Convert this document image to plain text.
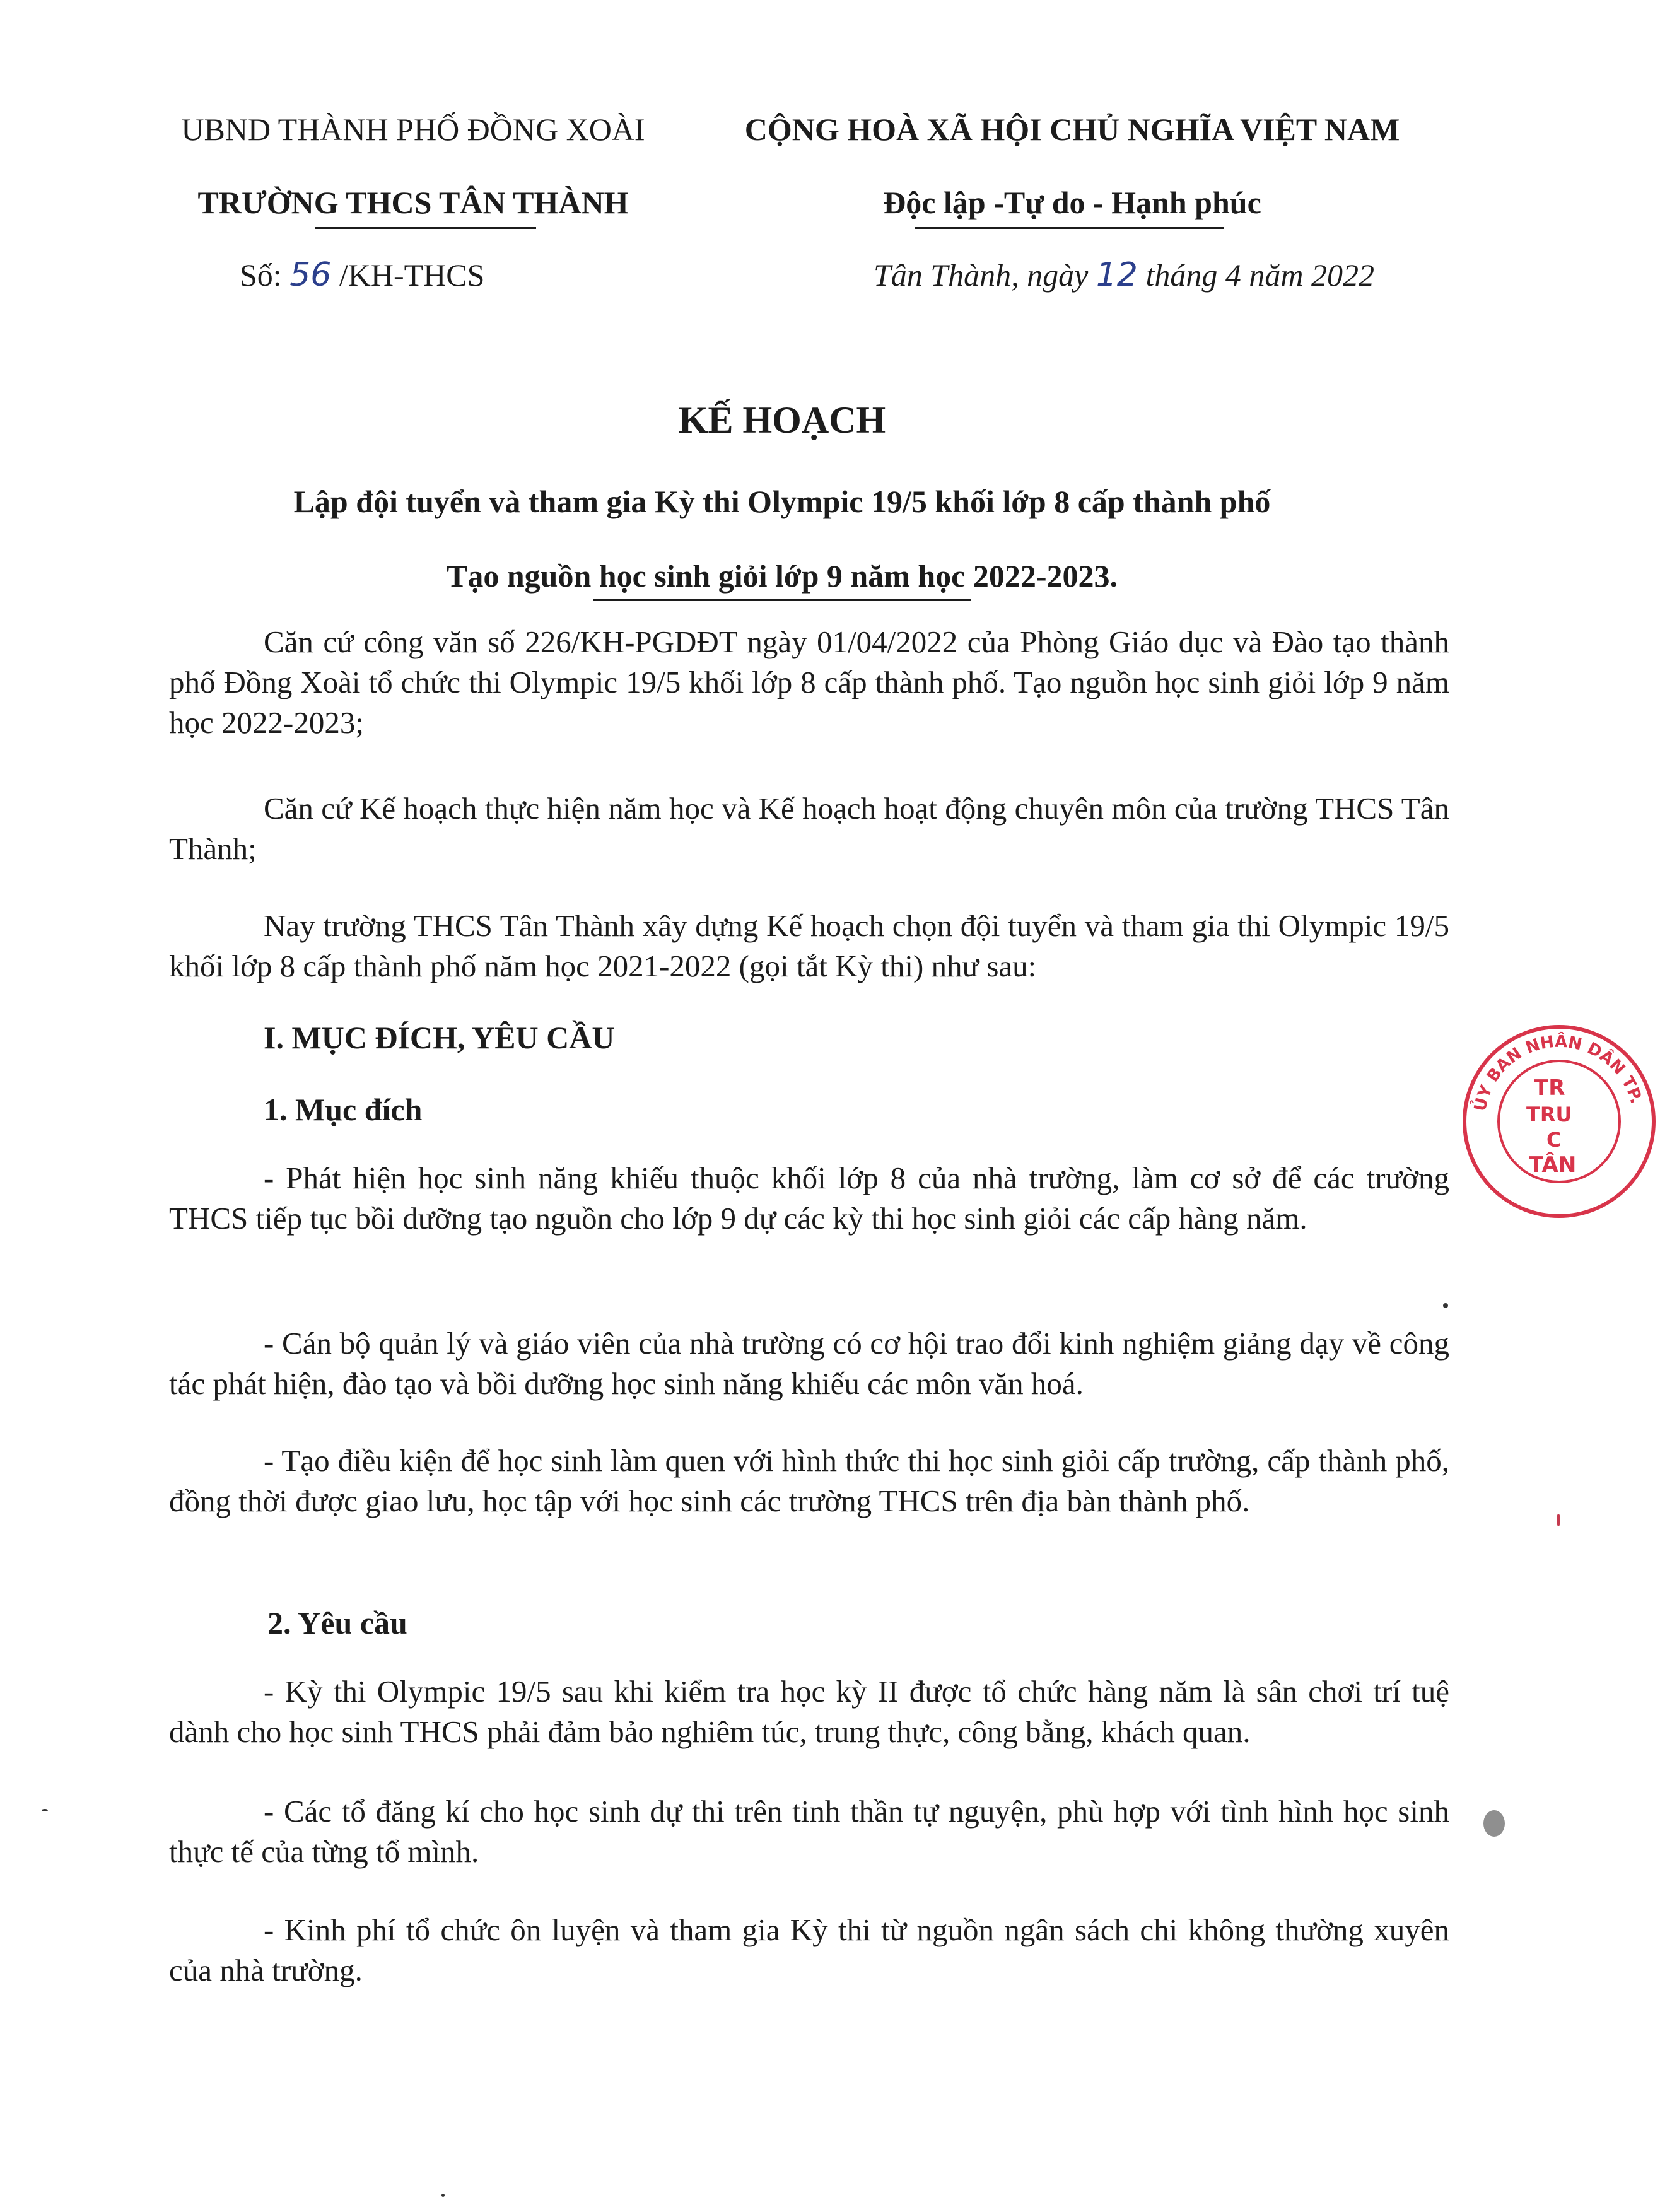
UBND THÀNH PHỐ ĐỒNG XOÀI
TRƯỜNG THCS TÂN THÀNH
Số: 56 /KH-THCS
CỘNG HOÀ XÃ HỘI CHỦ NGHĨA VIỆT NAM
Độc lập -Tự do - Hạnh phúc
Tân Thành, ngày 12 tháng 4 năm 2022
KẾ HOẠCH
Lập đội tuyển và tham gia Kỳ thi Olympic 19/5 khối lớp 8 cấp thành phố
Tạo nguồn học sinh giỏi lớp 9 năm học 2022-2023.
Căn cứ công văn số 226/KH-PGDĐT ngày 01/04/2022 của Phòng Giáo dục và Đào tạo thành phố Đồng Xoài tổ chức thi Olympic 19/5 khối lớp 8 cấp thành phố. Tạo nguồn học sinh giỏi lớp 9 năm học 2022-2023;
Căn cứ Kế hoạch thực hiện năm học và Kế hoạch hoạt động chuyên môn của trường THCS Tân Thành;
Nay trường THCS Tân Thành xây dựng Kế hoạch chọn đội tuyển và tham gia thi Olympic 19/5 khối lớp 8 cấp thành phố năm học 2021-2022 (gọi tắt Kỳ thi) như sau:
I. MỤC ĐÍCH, YÊU CẦU
1. Mục đích
- Phát hiện học sinh năng khiếu thuộc khối lớp 8 của nhà trường, làm cơ sở để các trường THCS tiếp tục bồi dưỡng tạo nguồn cho lớp 9 dự các kỳ thi học sinh giỏi các cấp hàng năm.
- Cán bộ quản lý và giáo viên của nhà trường có cơ hội trao đổi kinh nghiệm giảng dạy về công tác phát hiện, đào tạo và bồi dưỡng học sinh năng khiếu các môn văn hoá.
- Tạo điều kiện để học sinh làm quen với hình thức thi học sinh giỏi cấp trường, cấp thành phố, đồng thời được giao lưu, học tập với học sinh các trường THCS trên địa bàn thành phố.
2. Yêu cầu
- Kỳ thi Olympic 19/5 sau khi kiểm tra học kỳ II được tổ chức hàng năm là sân chơi trí tuệ dành cho học sinh THCS phải đảm bảo nghiêm túc, trung thực, công bằng, khách quan.
- Các tổ đăng kí cho học sinh dự thi trên tinh thần tự nguyện, phù hợp với tình hình học sinh thực tế của từng tổ mình.
- Kinh phí tổ chức ôn luyện và tham gia Kỳ thi từ nguồn ngân sách chi không thường xuyên của nhà trường.
ỦY BAN NHÂN DÂN TP.
TR
TRU
C
TÂN
